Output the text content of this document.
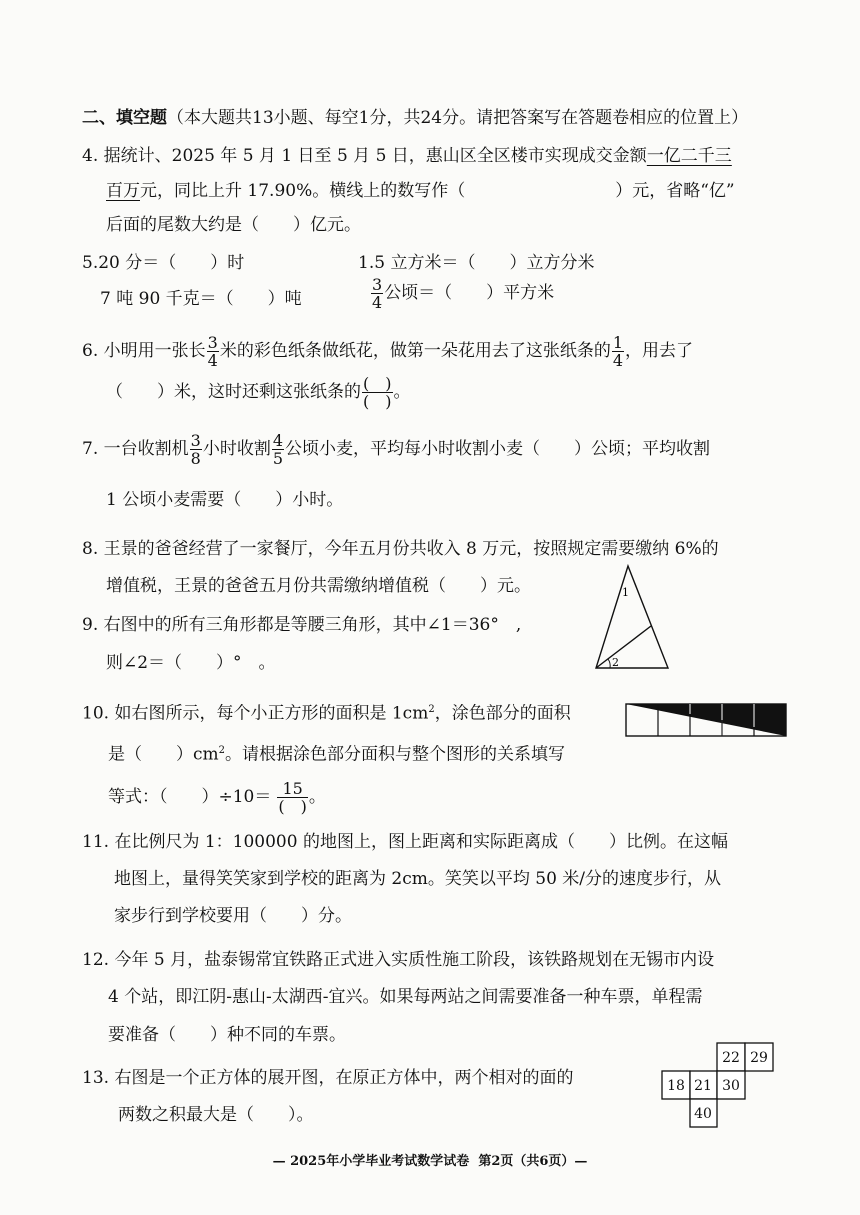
二、填空题（本大题共13小题、每空1分，共24分。请把答案写在答题卷相应的位置上）
4. 据统计、2025 年 5 月 1 日至 5 月 5 日，惠山区全区楼市实现成交金额一亿二千三
百万元，同比上升 17.90%。横线上的数写作（	）元，省略“亿”
后面的尾数大约是（　　）亿元。
5.20 分＝（　　）时	1.5 立方米＝（　　）立方分米
7 吨 90 千克＝（　　）吨	$\frac{3}{4}$ 公顷＝（　　）平方米
6.
小明用一张长 $\frac{3}{4}$ 米的彩色纸条做纸花，做第一朵花用去了这张纸条的 $\frac{1}{4}$ ，用去了
（　　）米，这时还剩这张纸条的 $\frac{( )}{( )}$ 。
7.
一台收割机 $\frac{3}{8}$ 小时收割 $\frac{4}{5}$ 公顷小麦，平均每小时收割小麦（　　）公顷；平均收割
1 公顷小麦需要（　　）小时。
8. 王景的爸爸经营了一家餐厅，今年五月份共收入 8 万元，按照规定需要缴纳 6%的
增值税，王景的爸爸五月份共需缴纳增值税（　　）元。
9. 右图中的所有三角形都是等腰三角形，其中∠1＝36°　,
则∠2＝（　　）°　。
1
2
10. 如右图所示，每个小正方形的面积是 $1cm^2$，涂色部分的面积
是（　　）$cm^2$。请根据涂色部分面积与整个图形的关系填写
等式：（　　）$\div 10= \frac{15}{( )}$ 。
11. 在比例尺为 1：100000 的地图上，图上距离和实际距离成（　　）比例。在这幅
地图上，量得笑笑家到学校的距离为 2cm。笑笑以平均 50 米/分的速度步行，从
家步行到学校要用（　　）分。
12. 今年 5 月，盐泰锡常宜铁路正式进入实质性施工阶段，该铁路规划在无锡市内设
4 个站，即江阴-惠山-太湖西-宜兴。如果每两站之间需要准备一种车票，单程需
要准备（　　）种不同的车票。
13. 右图是一个正方体的展开图，在原正方体中，两个相对的面的
两数之积最大是（　　）。
22 29
18 21 30
40
— 2025年小学毕业考试数学试卷  第2页（共6页）—
